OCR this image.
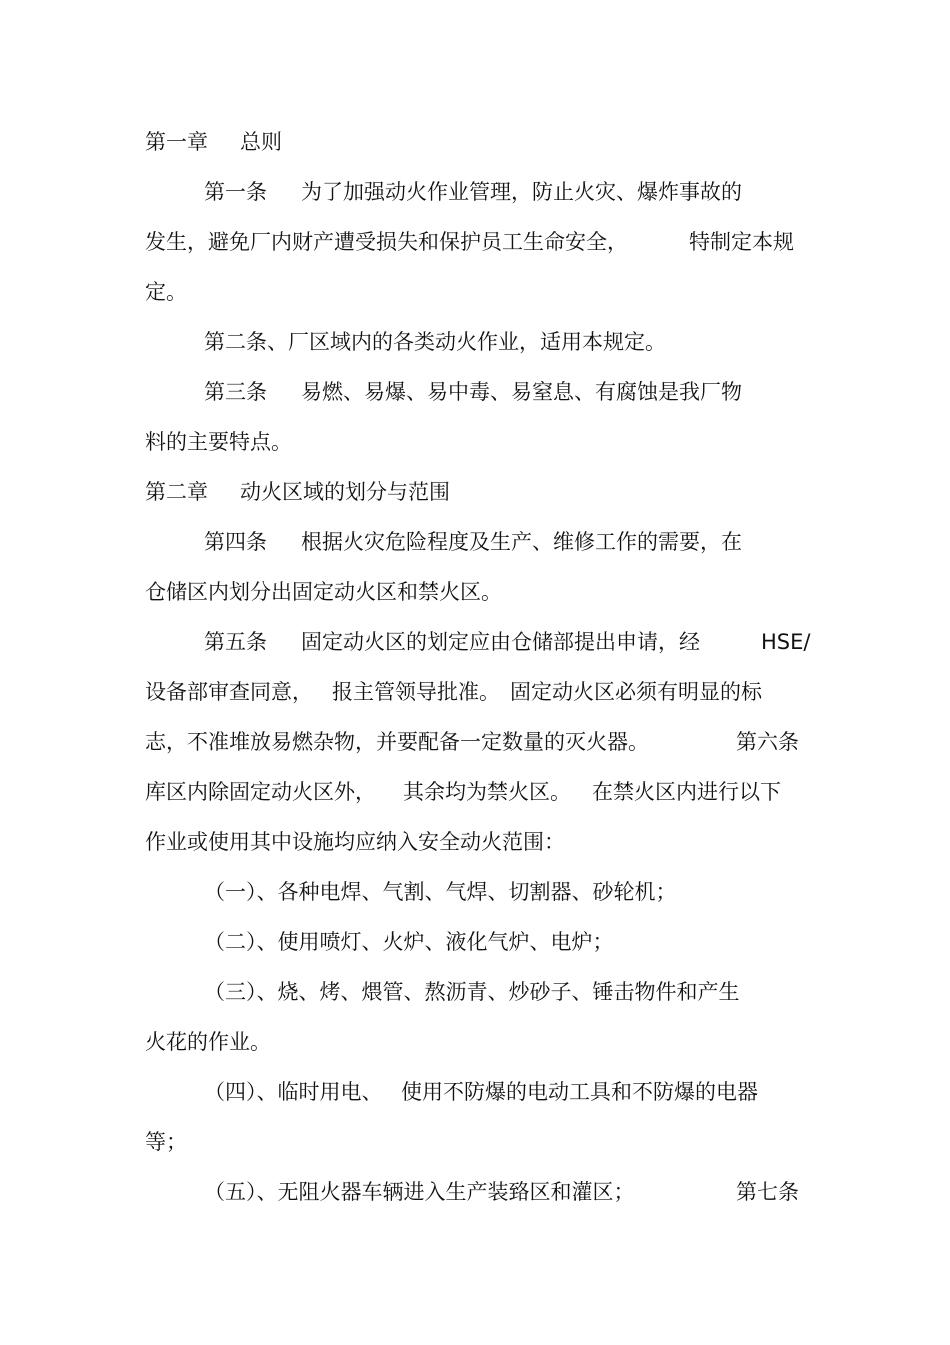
第一章 总则
第一条 为了加强动火作业管理，防止火灾、爆炸事故的
发生，避免厂内财产遭受损失和保护员工生命安全，	特制定本规
定。
第二条、厂区域内的各类动火作业，适用本规定。
第三条 易燃、易爆、易中毒、易窒息、有腐蚀是我厂物
料的主要特点。
第二章 动火区域的划分与范围
第四条 根据火灾危险程度及生产、维修工作的需要，在
仓储区内划分出固定动火区和禁火区。
第五条 固定动火区的划定应由仓储部提出申请，经	HSE/
设备部审查同意， 报主管领导批准。 固定动火区必须有明显的标
志，不准堆放易燃杂物，并要配备一定数量的灭火器。	第六条
库区内除固定动火区外， 其余均为禁火区。 在禁火区内进行以下
作业或使用其中设施均应纳入安全动火范围：
（一）、各种电焊、气割、气焊、切割器、砂轮机；
（二）、使用喷灯、火炉、液化气炉、电炉；
（三）、烧、烤、煨管、熬沥青、炒砂子、锤击物件和产生
火花的作业。
（四）、临时用电、 使用不防爆的电动工具和不防爆的电器
等；
（五）、无阻火器车辆进入生产装臵区和灌区；	第七条
